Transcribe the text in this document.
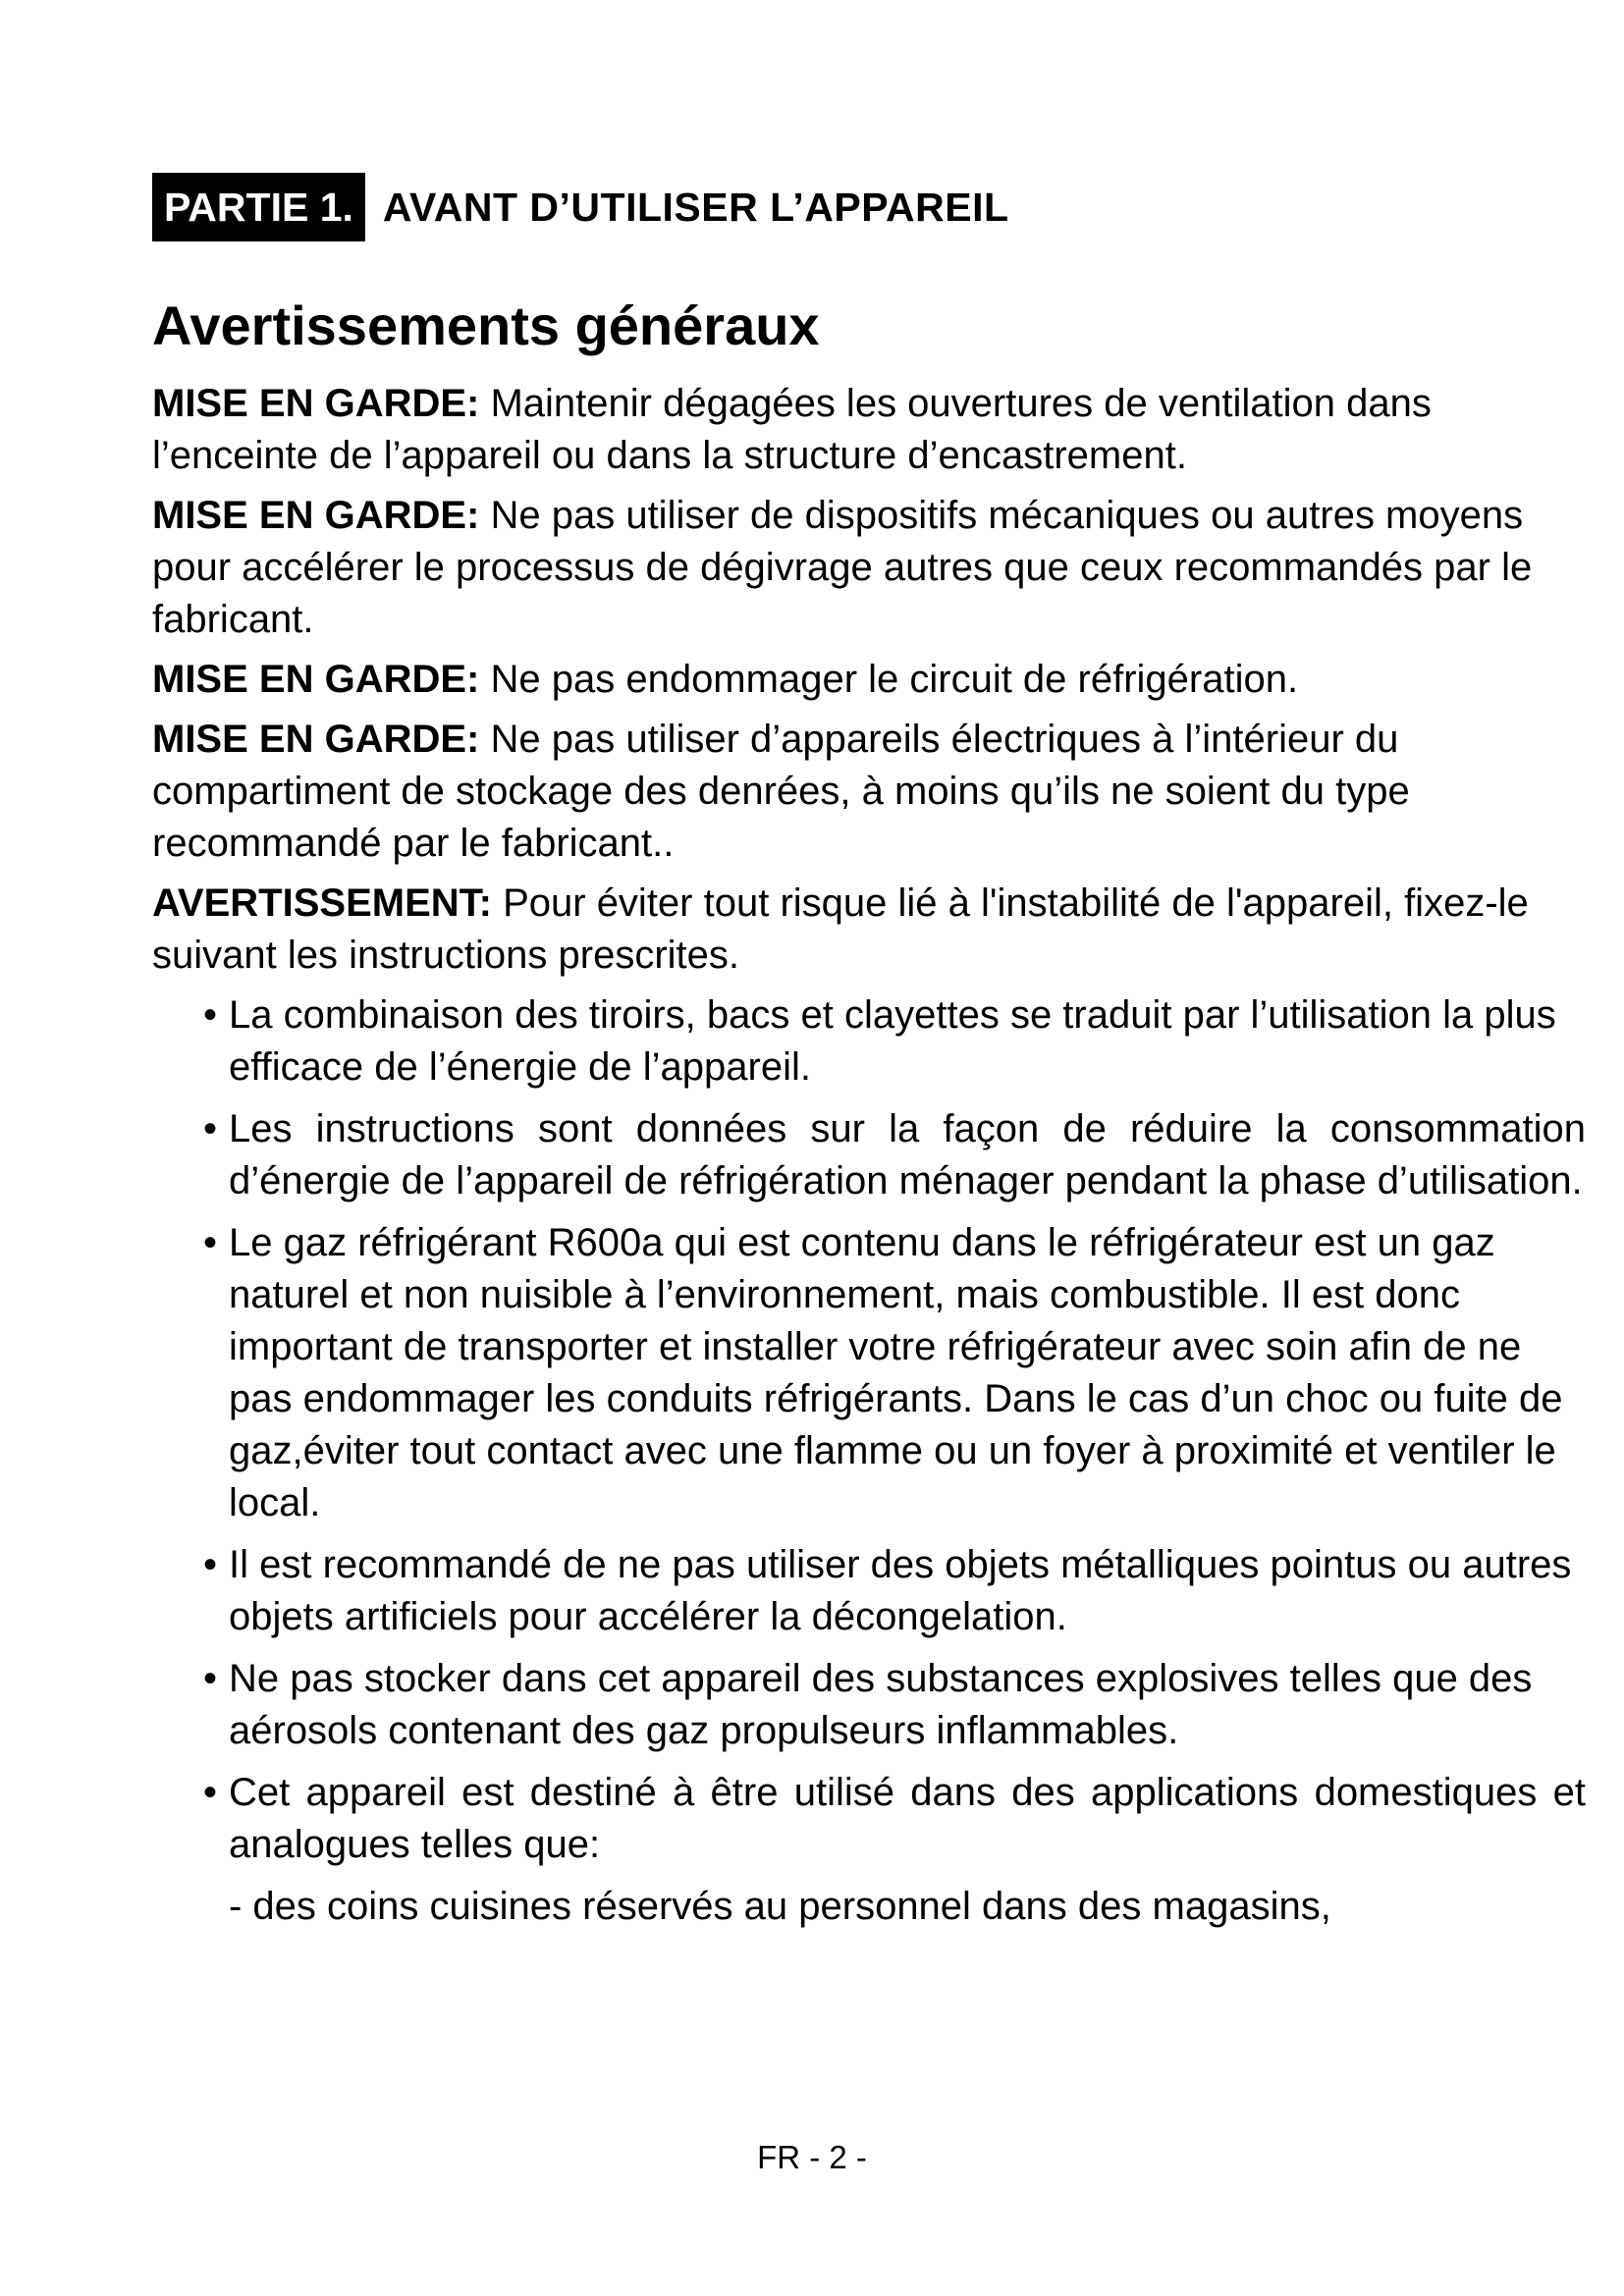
PARTIE 1. AVANT D’UTILISER L’APPAREIL
Avertissements généraux

MISE EN GARDE: Maintenir dégagées les ouvertures de ventilation dans l’enceinte de l’appareil ou dans la structure d’encastrement.

MISE EN GARDE: Ne pas utiliser de dispositifs mécaniques ou autres moyens pour accélérer le processus de dégivrage autres que ceux recommandés par le fabricant.

MISE EN GARDE: Ne pas endommager le circuit de réfrigération.

MISE EN GARDE: Ne pas utiliser d’appareils électriques à l’intérieur du compartiment de stockage des denrées, à moins qu’ils ne soient du type recommandé par le fabricant..

AVERTISSEMENT: Pour éviter tout risque lié à l'instabilité de l'appareil, fixez-le suivant les instructions prescrites.

• La combinaison des tiroirs, bacs et clayettes se traduit par l’utilisation la plus efficace de l’énergie de l’appareil.
• Les instructions sont données sur la façon de réduire la consommation d’énergie de l’appareil de réfrigération ménager pendant la phase d’utilisation.
• Le gaz réfrigérant R600a qui est contenu dans le réfrigérateur est un gaz naturel et non nuisible à l’environnement, mais combustible. Il est donc important de transporter et installer votre réfrigérateur avec soin afin de ne pas endommager les conduits réfrigérants. Dans le cas d’un choc ou fuite de gaz,éviter tout contact avec une flamme ou un foyer à proximité et ventiler le local.
• Il est recommandé de ne pas utiliser des objets métalliques pointus ou autres objets artificiels pour accélérer la décongelation.
• Ne pas stocker dans cet appareil des substances explosives telles que des aérosols contenant des gaz propulseurs inflammables.
• Cet appareil est destiné à être utilisé dans des applications domestiques et analogues telles que:

- des coins cuisines réservés au personnel dans des magasins,

FR - 2 -
